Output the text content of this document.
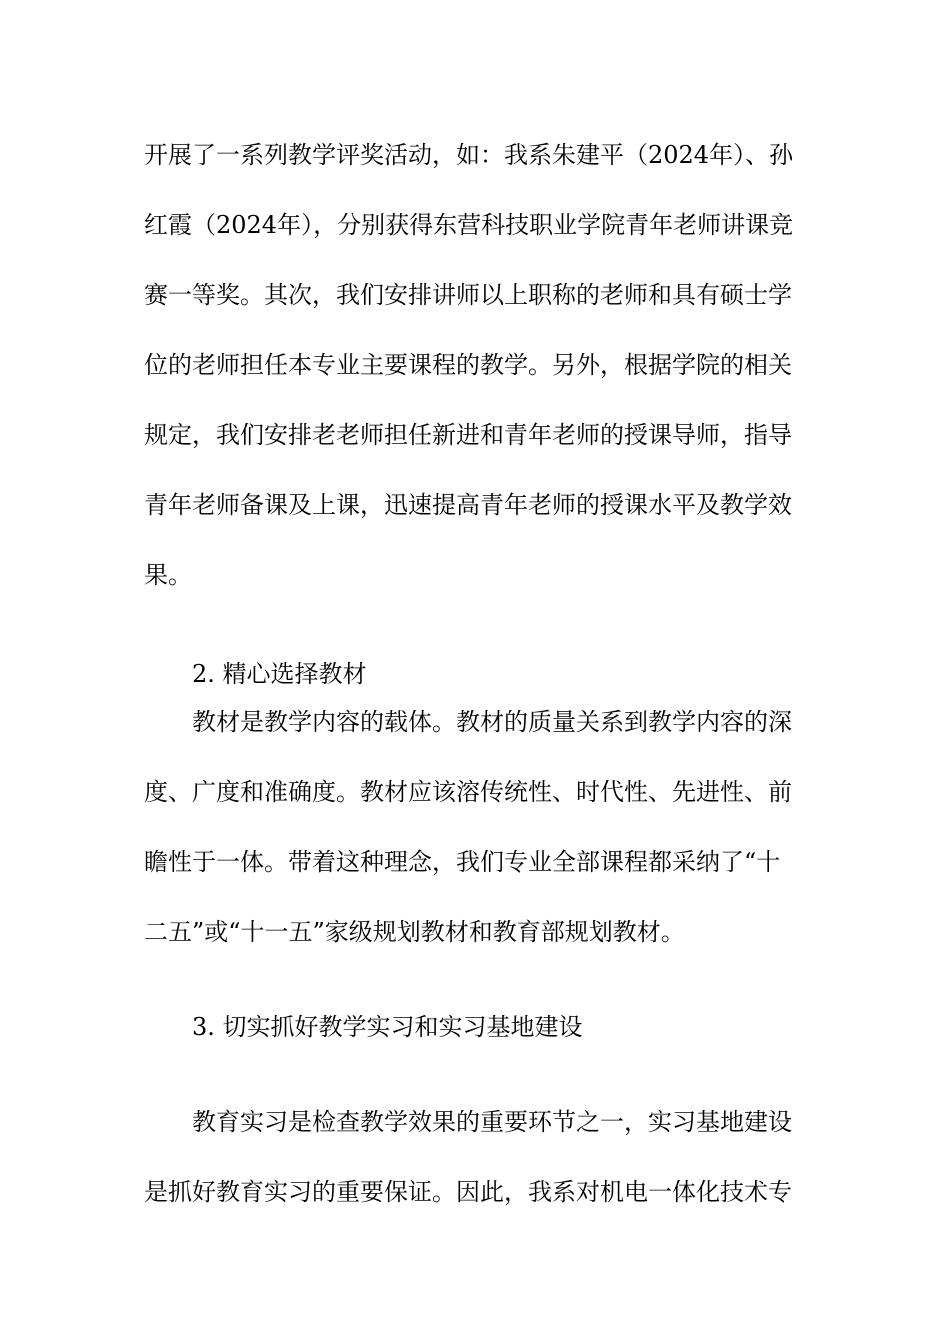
开展了一系列教学评奖活动，如：我系朱建平（2024年）、孙
红霞（2024年），分别获得东营科技职业学院青年老师讲课竞
赛一等奖。其次，我们安排讲师以上职称的老师和具有硕士学
位的老师担任本专业主要课程的教学。另外，根据学院的相关
规定，我们安排老老师担任新进和青年老师的授课导师，指导
青年老师备课及上课，迅速提高青年老师的授课水平及教学效
果。
2. 精心选择教材
教材是教学内容的载体。教材的质量关系到教学内容的深
度、广度和准确度。教材应该溶传统性、时代性、先进性、前
瞻性于一体。带着这种理念，我们专业全部课程都采纳了“十
二五”或“十一五”家级规划教材和教育部规划教材。
3. 切实抓好教学实习和实习基地建设
教育实习是检查教学效果的重要环节之一，实习基地建设
是抓好教育实习的重要保证。因此，我系对机电一体化技术专
